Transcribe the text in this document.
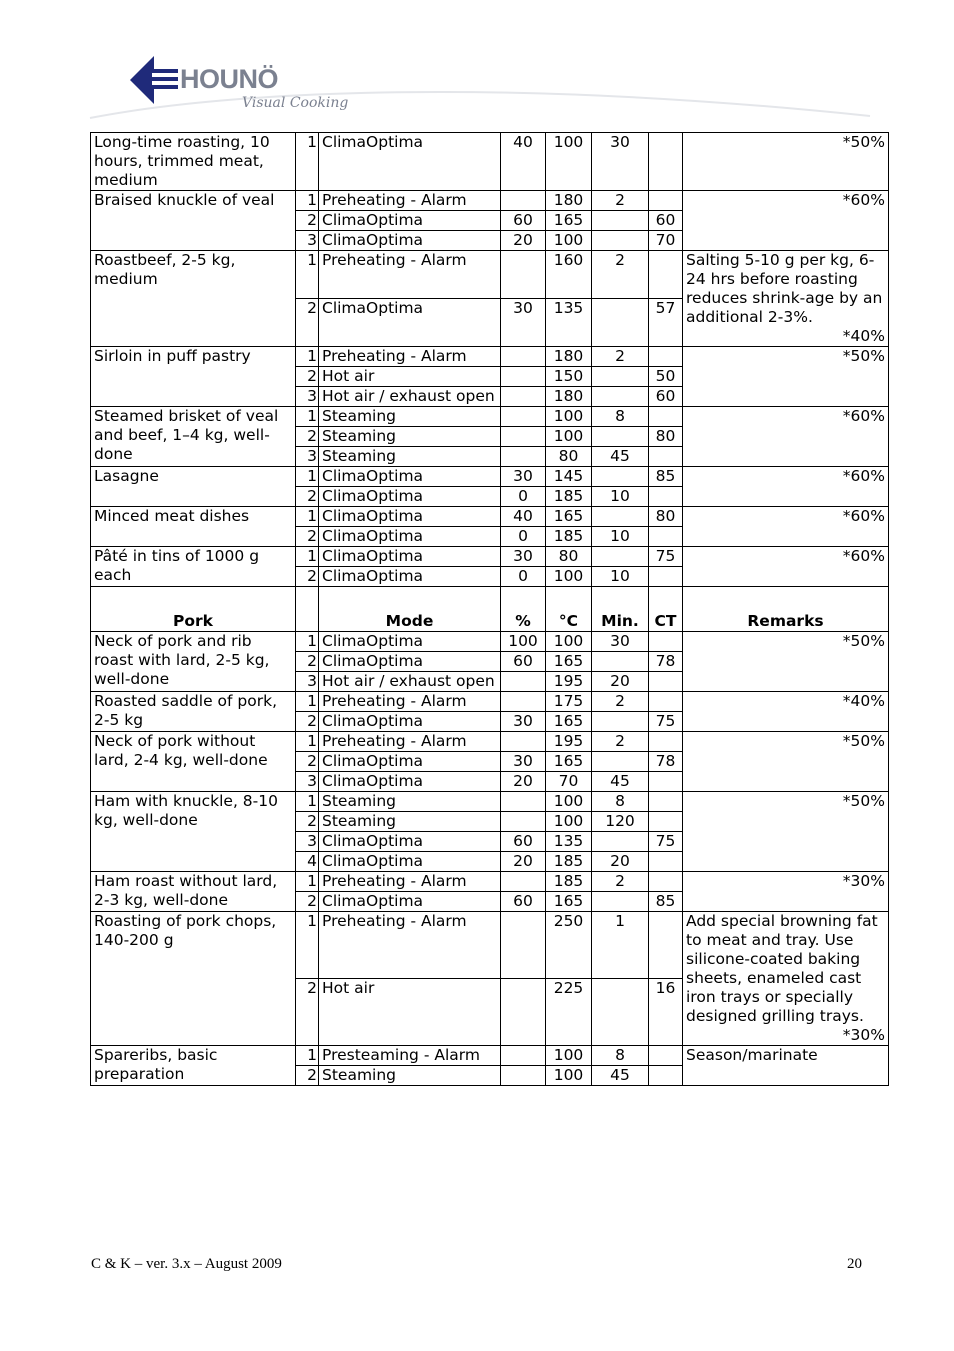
HOUNÖ
Visual Cooking
Long-time roasting, 10 hours, trimmed meat, medium	1	ClimaOptima	40	100	30		*50%

Braised knuckle of veal	1	Preheating - Alarm		180	2		*60%

	2	ClimaOptima	60	165		60	
	3	ClimaOptima	20	100		70	
Roastbeef, 2-5 kg, medium	1	Preheating - Alarm		160	2		Salting 5-10 g per kg, 6-24 hrs before roasting reduces shrink-age by an additional 2-3%.
*40%

	2	ClimaOptima	30	135		57	
Sirloin in puff pastry	1	Preheating - Alarm		180	2		*50%

	2	Hot air		150		50	
	3	Hot air / exhaust open		180		60	
Steamed brisket of veal and beef, 1–4 kg, well-done	1	Steaming		100	8		*60%

	2	Steaming		100		80	
	3	Steaming		80	45		
Lasagne	1	ClimaOptima	30	145		85	*60%

	2	ClimaOptima	0	185	10		
Minced meat dishes	1	ClimaOptima	40	165		80	*60%

	2	ClimaOptima	0	185	10		
Pâté in tins of 1000 g each	1	ClimaOptima	30	80		75	*60%

	2	ClimaOptima	0	100	10		
Pork		Mode	%	°C	Min.	CT	Remarks
Neck of pork and rib roast with lard, 2-5 kg, well-done	1	ClimaOptima	100	100	30		*50%

	2	ClimaOptima	60	165		78	
	3	Hot air / exhaust open		195	20		
Roasted saddle of pork, 2-5 kg	1	Preheating - Alarm		175	2		*40%

	2	ClimaOptima	30	165		75	
Neck of pork without lard, 2-4 kg, well-done	1	Preheating - Alarm		195	2		*50%

	2	ClimaOptima	30	165		78	
	3	ClimaOptima	20	70	45		
Ham with knuckle, 8-10 kg, well-done	1	Steaming		100	8		*50%

	2	Steaming		100	120		
	3	ClimaOptima	60	135		75	
	4	ClimaOptima	20	185	20		
Ham roast without lard, 2-3 kg, well-done	1	Preheating - Alarm		185	2		*30%

	2	ClimaOptima	60	165		85	
Roasting of pork chops, 140-200 g	1	Preheating - Alarm		250	1		Add special browning fat to meat and tray. Use silicone-coated baking sheets, enameled cast iron trays or specially designed grilling trays.
*30%

	2	Hot air		225		16	
Spareribs, basic preparation	1	Presteaming - Alarm		100	8		Season/marinate

	2	Steaming		100	45		
C & K – ver. 3.x – August 2009	20
